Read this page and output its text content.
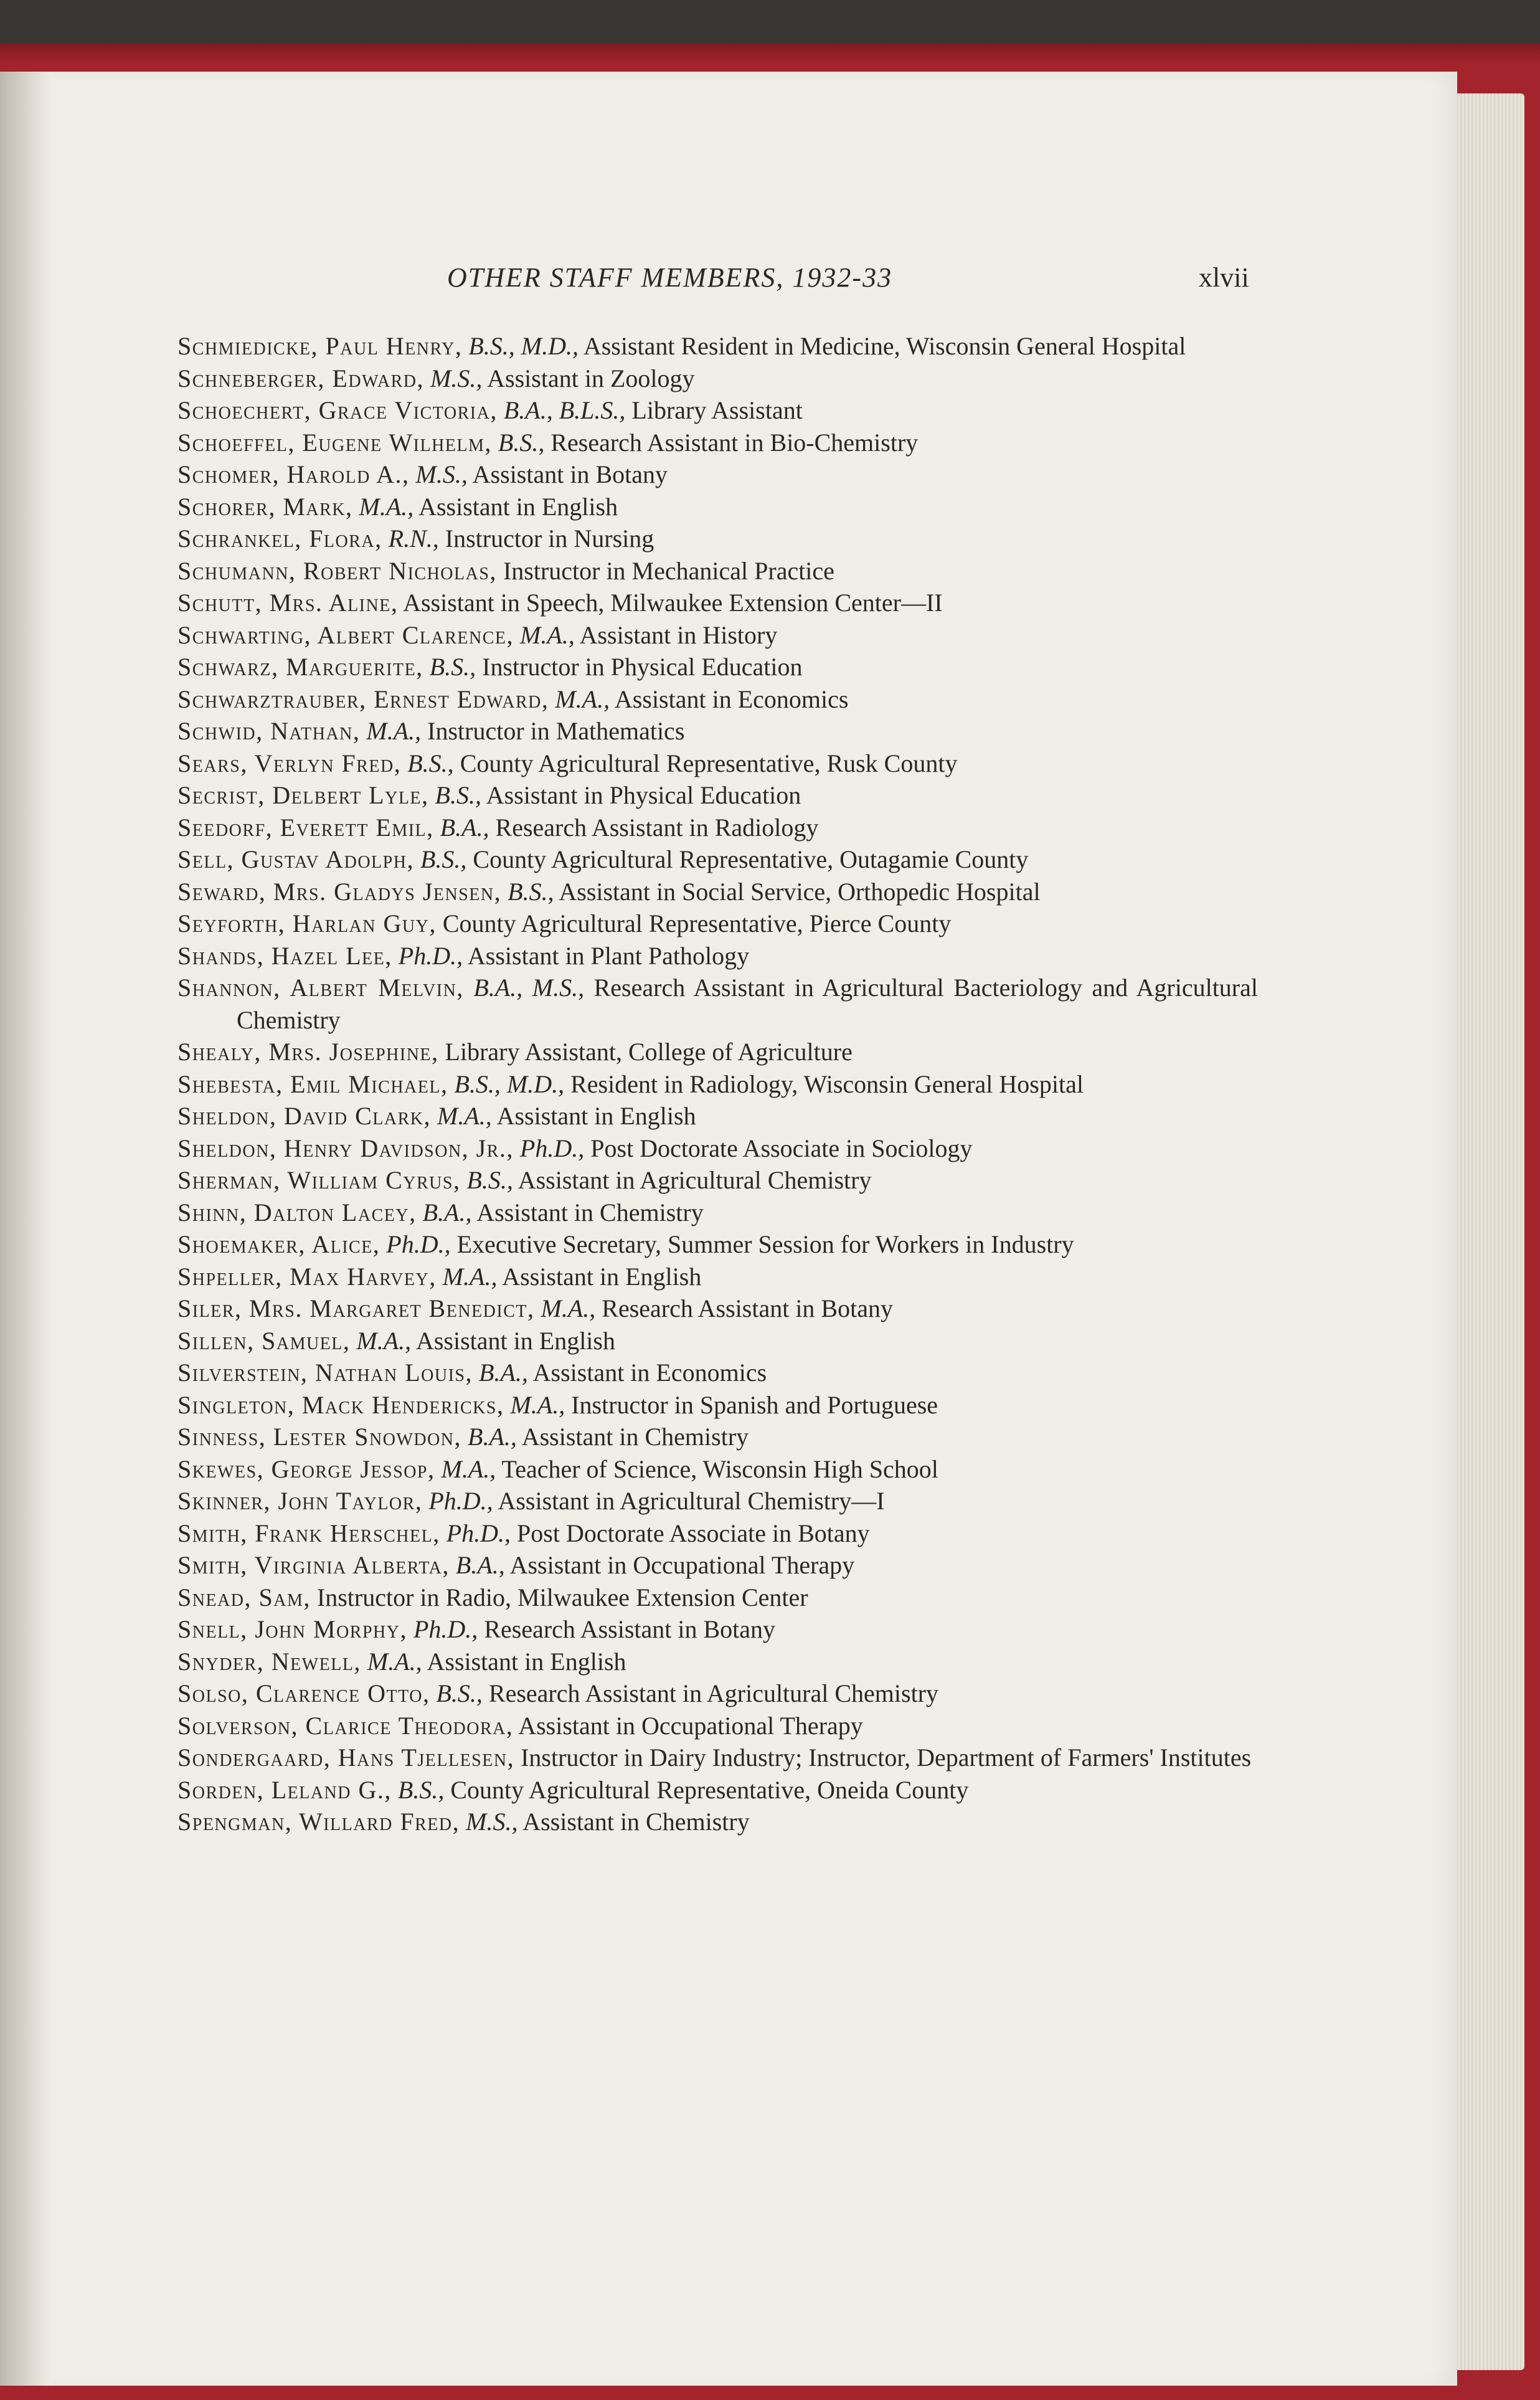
OTHER STAFF MEMBERS, 1932-33	xlvii
Schmiedicke, Paul Henry, B.S., M.D., Assistant Resident in Medicine, Wisconsin General Hospital
Schneberger, Edward, M.S., Assistant in Zoology
Schoechert, Grace Victoria, B.A., B.L.S., Library Assistant
Schoeffel, Eugene Wilhelm, B.S., Research Assistant in Bio-Chemistry
Schomer, Harold A., M.S., Assistant in Botany
Schorer, Mark, M.A., Assistant in English
Schrankel, Flora, R.N., Instructor in Nursing
Schumann, Robert Nicholas, Instructor in Mechanical Practice
Schutt, Mrs. Aline, Assistant in Speech, Milwaukee Extension Center—II
Schwarting, Albert Clarence, M.A., Assistant in History
Schwarz, Marguerite, B.S., Instructor in Physical Education
Schwarztrauber, Ernest Edward, M.A., Assistant in Economics
Schwid, Nathan, M.A., Instructor in Mathematics
Sears, Verlyn Fred, B.S., County Agricultural Representative, Rusk County
Secrist, Delbert Lyle, B.S., Assistant in Physical Education
Seedorf, Everett Emil, B.A., Research Assistant in Radiology
Sell, Gustav Adolph, B.S., County Agricultural Representative, Outagamie County
Seward, Mrs. Gladys Jensen, B.S., Assistant in Social Service, Orthopedic Hospital
Seyforth, Harlan Guy, County Agricultural Representative, Pierce County
Shands, Hazel Lee, Ph.D., Assistant in Plant Pathology
Shannon, Albert Melvin, B.A., M.S., Research Assistant in Agricultural Bacteriology and Agricultural Chemistry
Shealy, Mrs. Josephine, Library Assistant, College of Agriculture
Shebesta, Emil Michael, B.S., M.D., Resident in Radiology, Wisconsin General Hospital
Sheldon, David Clark, M.A., Assistant in English
Sheldon, Henry Davidson, Jr., Ph.D., Post Doctorate Associate in Sociology
Sherman, William Cyrus, B.S., Assistant in Agricultural Chemistry
Shinn, Dalton Lacey, B.A., Assistant in Chemistry
Shoemaker, Alice, Ph.D., Executive Secretary, Summer Session for Workers in Industry
Shpeller, Max Harvey, M.A., Assistant in English
Siler, Mrs. Margaret Benedict, M.A., Research Assistant in Botany
Sillen, Samuel, M.A., Assistant in English
Silverstein, Nathan Louis, B.A., Assistant in Economics
Singleton, Mack Hendericks, M.A., Instructor in Spanish and Portuguese
Sinness, Lester Snowdon, B.A., Assistant in Chemistry
Skewes, George Jessop, M.A., Teacher of Science, Wisconsin High School
Skinner, John Taylor, Ph.D., Assistant in Agricultural Chemistry—I
Smith, Frank Herschel, Ph.D., Post Doctorate Associate in Botany
Smith, Virginia Alberta, B.A., Assistant in Occupational Therapy
Snead, Sam, Instructor in Radio, Milwaukee Extension Center
Snell, John Morphy, Ph.D., Research Assistant in Botany
Snyder, Newell, M.A., Assistant in English
Solso, Clarence Otto, B.S., Research Assistant in Agricultural Chemistry
Solverson, Clarice Theodora, Assistant in Occupational Therapy
Sondergaard, Hans Tjellesen, Instructor in Dairy Industry; Instructor, Department of Farmers' Institutes
Sorden, Leland G., B.S., County Agricultural Representative, Oneida County
Spengman, Willard Fred, M.S., Assistant in Chemistry
